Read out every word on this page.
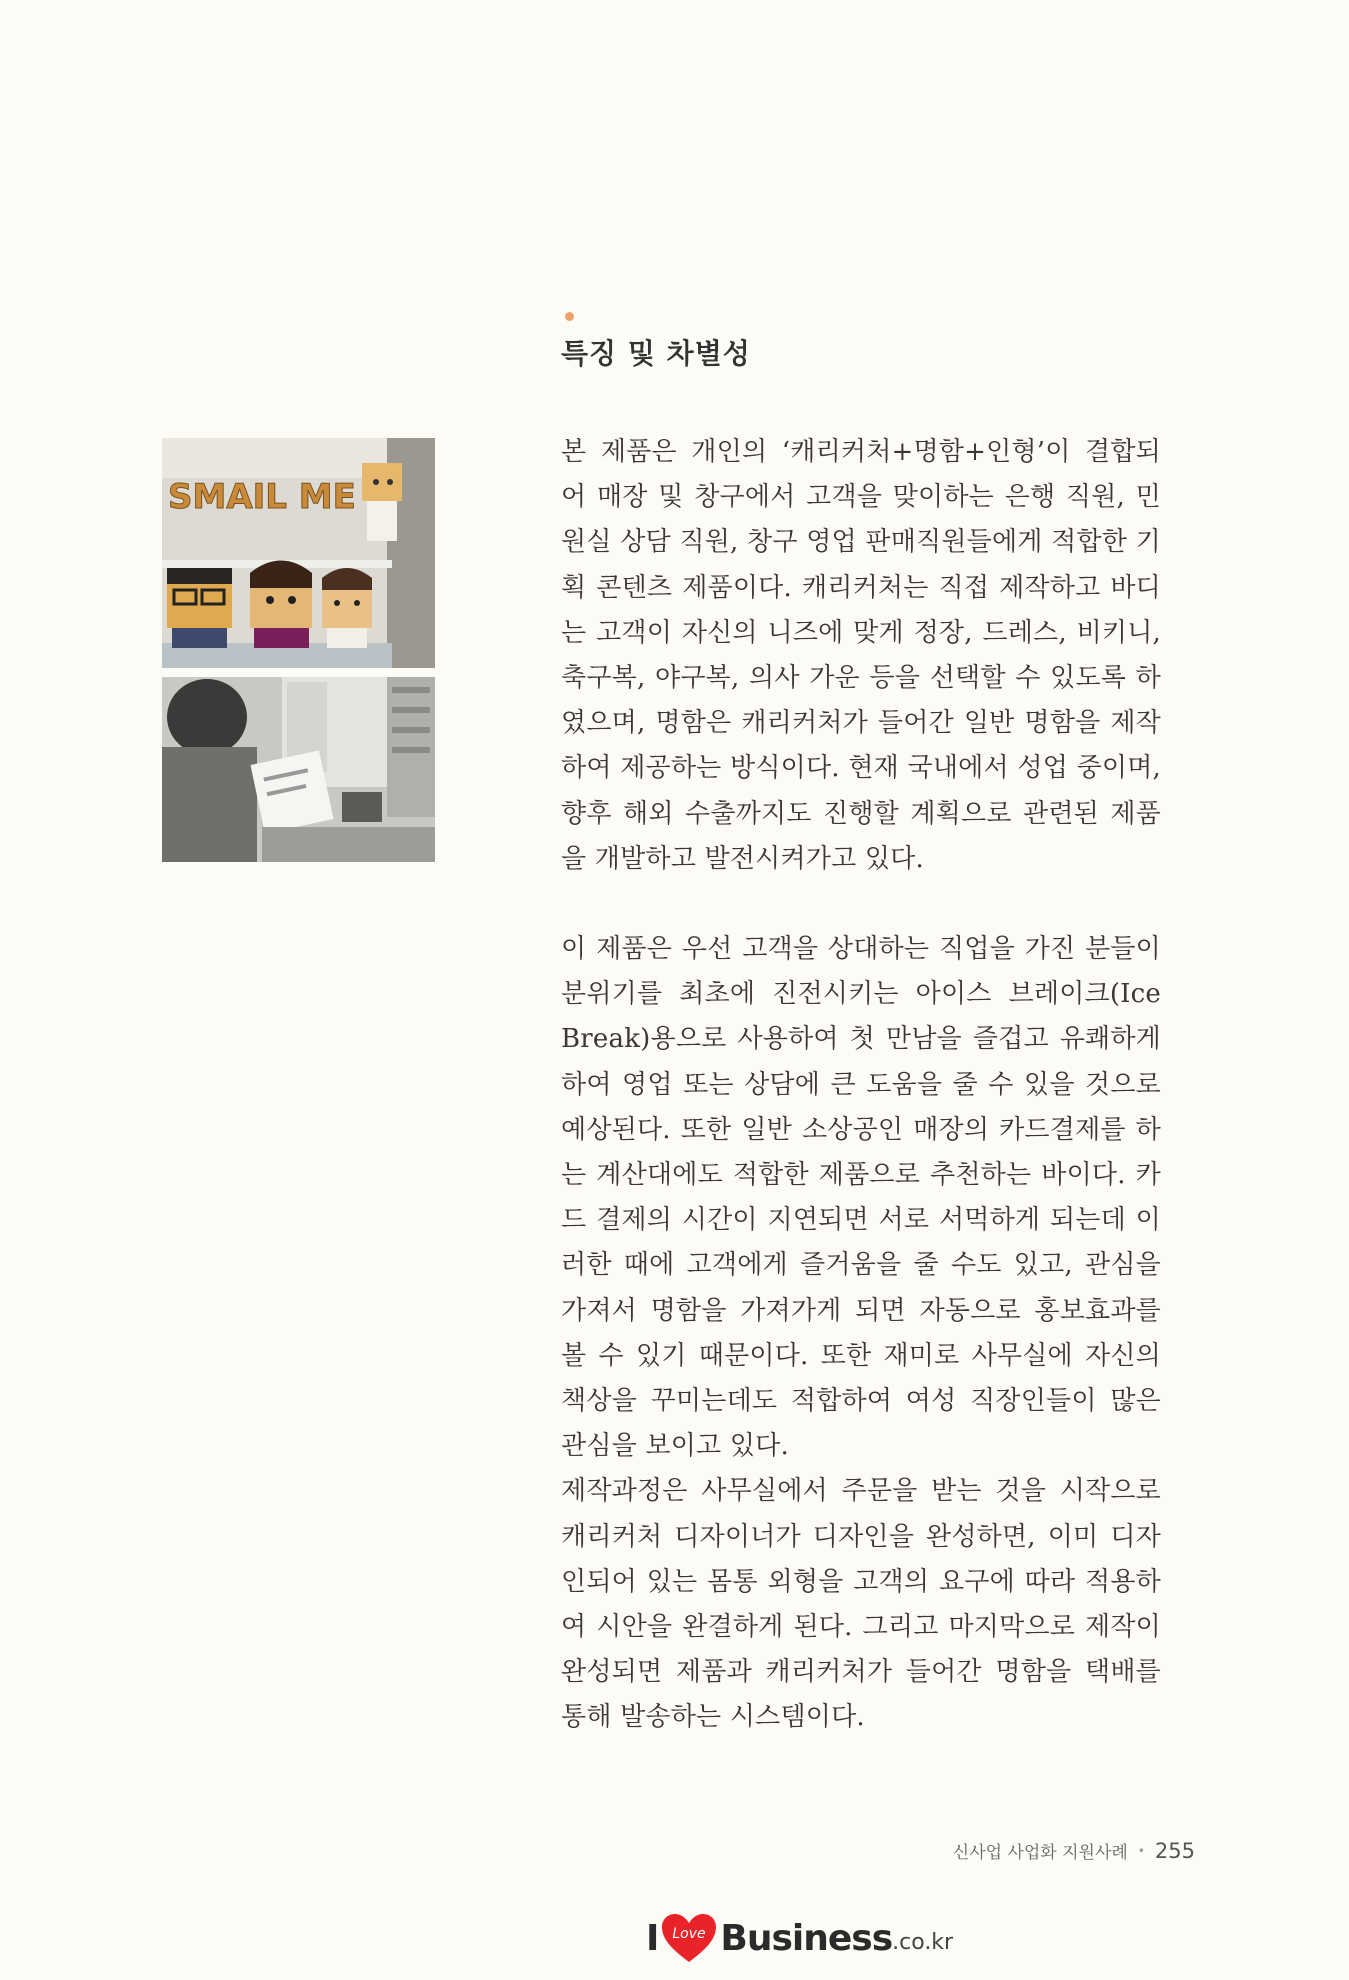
특징 및 차별성
SMAIL ME

본 제품은 개인의 ‘캐리커처+명함+인형’이 결합되어 매장 및 창구에서 고객을 맞이하는 은행 직원, 민원실 상담 직원, 창구 영업 판매직원들에게 적합한 기획 콘텐츠 제품이다. 캐리커처는 직접 제작하고 바디는 고객이 자신의 니즈에 맞게 정장, 드레스, 비키니, 축구복, 야구복, 의사 가운 등을 선택할 수 있도록 하였으며, 명함은 캐리커처가 들어간 일반 명함을 제작하여 제공하는 방식이다. 현재 국내에서 성업 중이며, 향후 해외 수출까지도 진행할 계획으로 관련된 제품을 개발하고 발전시켜가고 있다.

이 제품은 우선 고객을 상대하는 직업을 가진 분들이 분위기를 최초에 진전시키는 아이스 브레이크(Ice Break)용으로 사용하여 첫 만남을 즐겁고 유쾌하게 하여 영업 또는 상담에 큰 도움을 줄 수 있을 것으로 예상된다. 또한 일반 소상공인 매장의 카드결제를 하는 계산대에도 적합한 제품으로 추천하는 바이다. 카드 결제의 시간이 지연되면 서로 서먹하게 되는데 이러한 때에 고객에게 즐거움을 줄 수도 있고, 관심을 가져서 명함을 가져가게 되면 자동으로 홍보효과를 볼 수 있기 때문이다. 또한 재미로 사무실에 자신의 책상을 꾸미는데도 적합하여 여성 직장인들이 많은 관심을 보이고 있다.

제작과정은 사무실에서 주문을 받는 것을 시작으로 캐리커처 디자이너가 디자인을 완성하면, 이미 디자인되어 있는 몸통 외형을 고객의 요구에 따라 적용하여 시안을 완결하게 된다. 그리고 마지막으로 제작이 완성되면 제품과 캐리커처가 들어간 명함을 택배를 통해 발송하는 시스템이다.

신사업 사업화 지원사례 • 255
I Love Business .co.kr
